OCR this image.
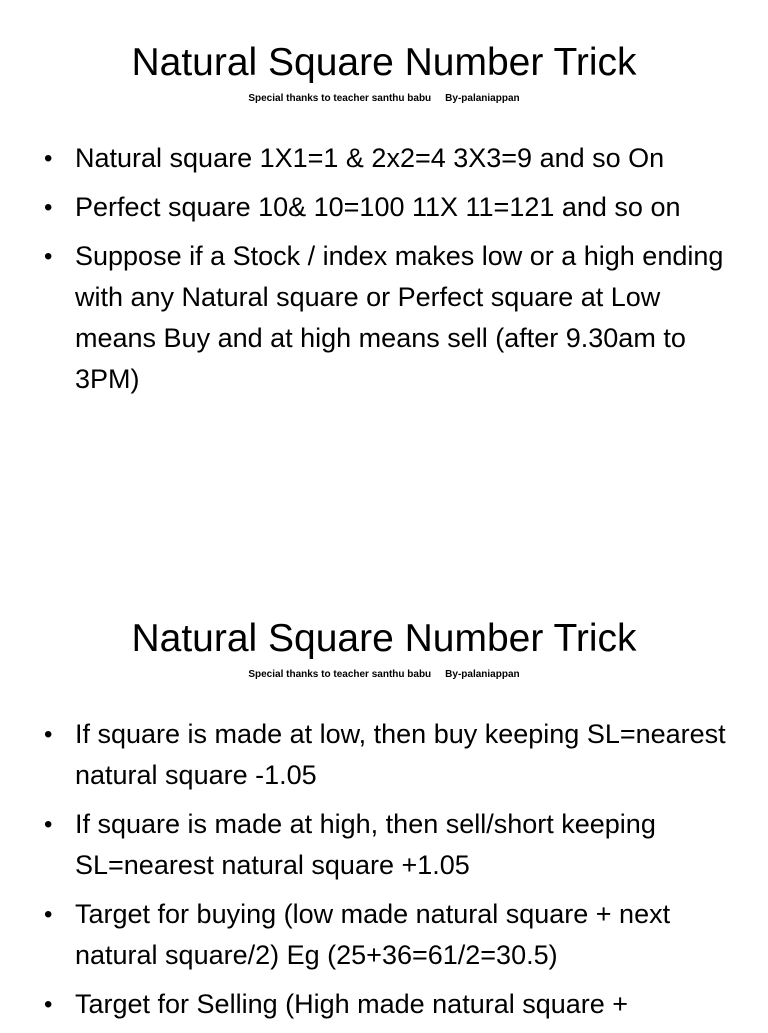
Natural Square Number Trick
Special thanks to teacher santhu babu By-palaniappan
• Natural square 1X1=1 & 2x2=4 3X3=9 and so On
• Perfect square 10& 10=100 11X 11=121 and so on
• Suppose if a Stock / index makes low or a high ending with any Natural square or Perfect square at Low means Buy and at high means sell (after 9.30am to 3PM)
Natural Square Number Trick
Special thanks to teacher santhu babu By-palaniappan
• If square is made at low, then buy keeping SL=nearest natural square -1.05
• If square is made at high, then sell/short keeping SL=nearest natural square +1.05
• Target for buying (low made natural square + next natural square/2) Eg (25+36=61/2=30.5)
• Target for Selling (High made natural square +
